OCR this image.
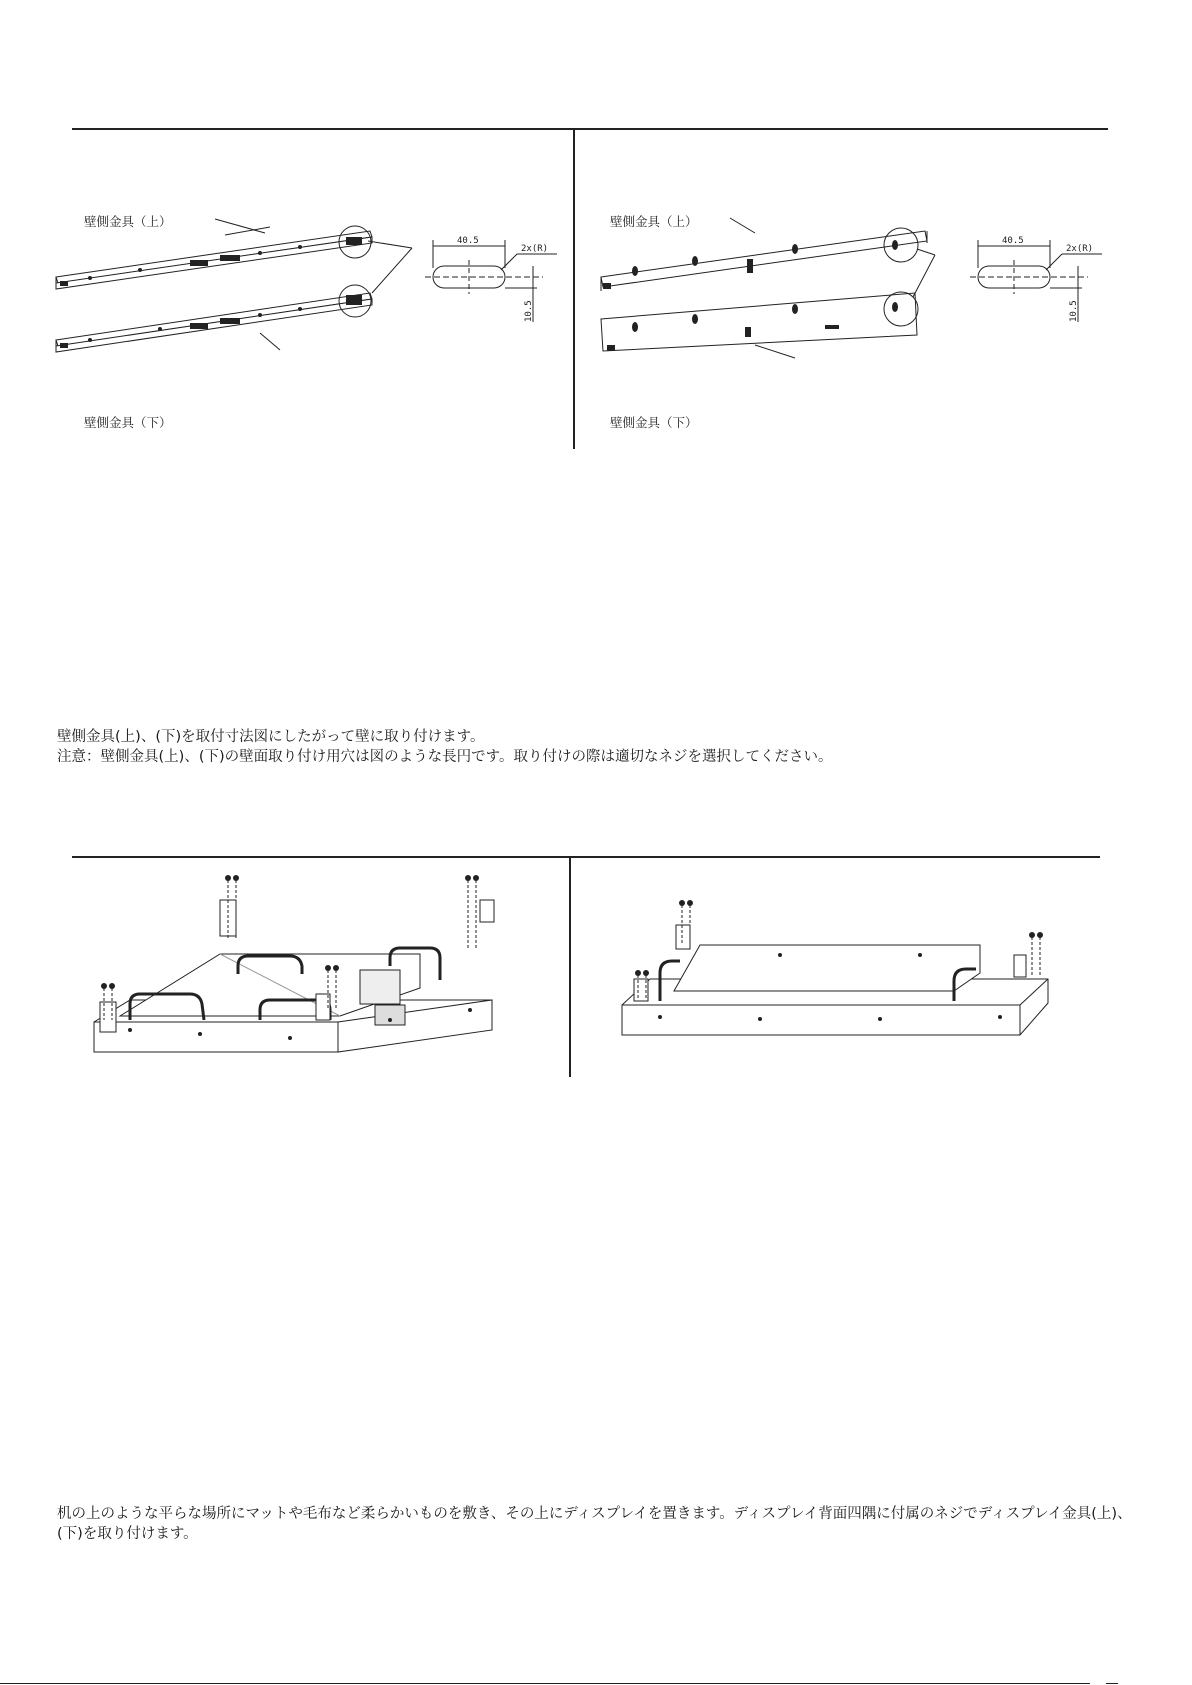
壁側金具（上）
壁側金具（下）
40.5
2x(R)
10.5
壁側金具（上）
壁側金具（下）
40.5
2x(R)
10.5
壁側金具(上)、(下)を取付寸法図にしたがって壁に取り付けます。
注意：壁側金具(上)、(下)の壁面取り付け用穴は図のような長円です。取り付けの際は適切なネジを選択してください。
机の上のような平らな場所にマットや毛布など柔らかいものを敷き、その上にディスプレイを置きます。ディスプレイ背面四隅に付属のネジでディスプレイ金具(上)、(下)を取り付けます。
